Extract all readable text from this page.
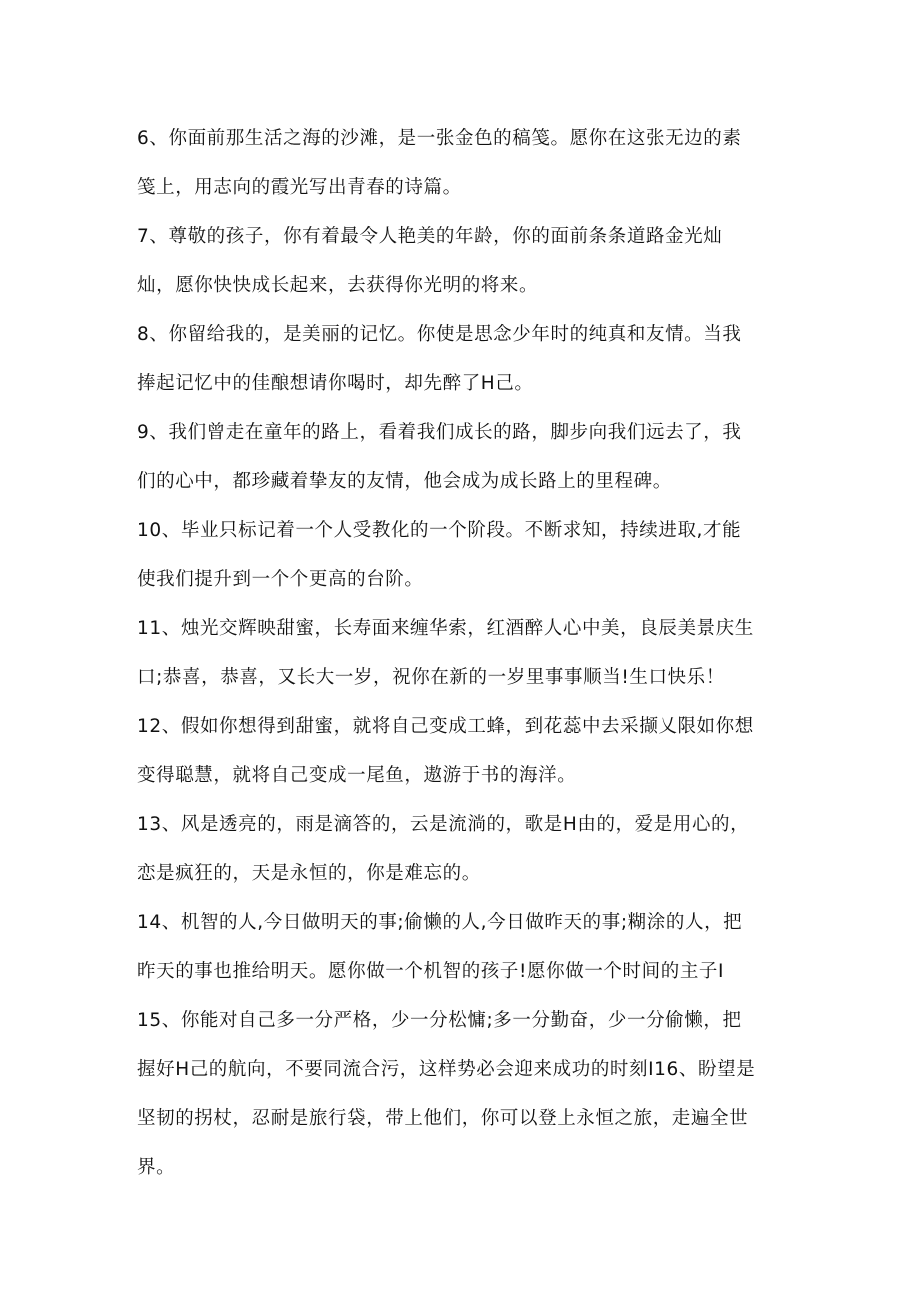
6、你面前那生活之海的沙滩，是一张金色的稿笺。愿你在这张无边的素
笺上，用志向的霞光写出青春的诗篇。

7、尊敬的孩子，你有着最令人艳美的年龄，你的面前条条道路金光灿
灿，愿你快快成长起来，去获得你光明的将来。

8、你留给我的，是美丽的记忆。你使是思念少年时的纯真和友情。当我
捧起记忆中的佳酿想请你喝时，却先醉了H己。

9、我们曾走在童年的路上，看着我们成长的路，脚步向我们远去了，我
们的心中，都珍藏着挚友的友情，他会成为成长路上的里程碑。

10、毕业只标记着一个人受教化的一个阶段。不断求知，持续进取,才能
使我们提升到一个个更高的台阶。

11、烛光交辉映甜蜜，长寿面来缠华索，红酒醉人心中美，良辰美景庆生
口;恭喜，恭喜，又长大一岁，祝你在新的一岁里事事顺当!生口快乐！

12、假如你想得到甜蜜，就将自己变成工蜂，到花蕊中去采撷乂限如你想
变得聪慧，就将自己变成一尾鱼，遨游于书的海洋。

13、风是透亮的，雨是滴答的，云是流淌的，歌是H由的，爱是用心的，
恋是疯狂的，天是永恒的，你是难忘的。

14、机智的人,今日做明天的事;偷懒的人,今日做昨天的事;糊涂的人，把
昨天的事也推给明天。愿你做一个机智的孩子!愿你做一个时间的主子I

15、你能对自己多一分严格，少一分松慵;多一分勤奋，少一分偷懒，把
握好H己的航向，不要同流合污，这样势必会迎来成功的时刻I16、盼望是
坚韧的拐杖，忍耐是旅行袋，带上他们，你可以登上永恒之旅，走遍全世
界。
